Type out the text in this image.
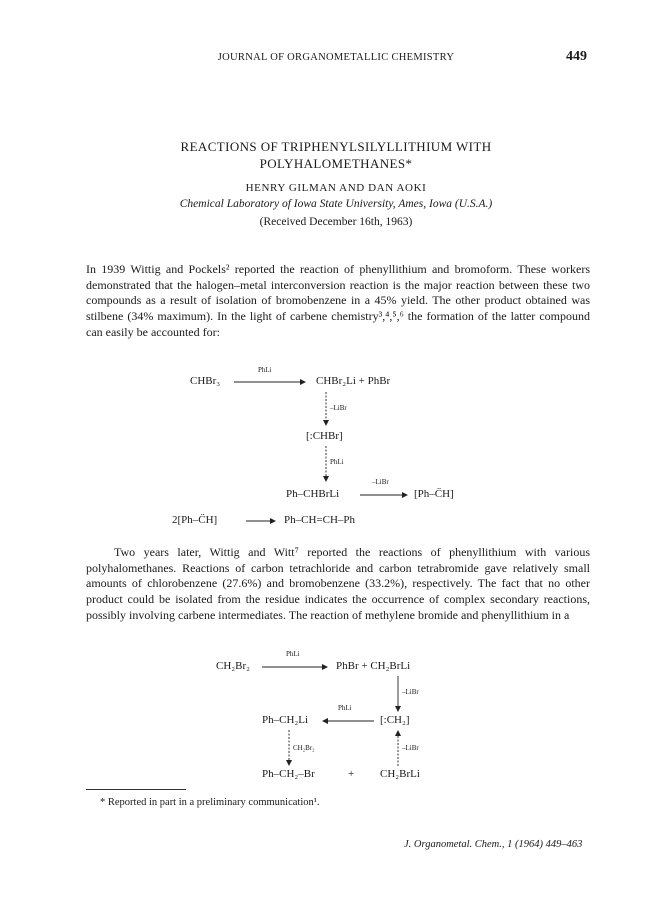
JOURNAL OF ORGANOMETALLIC CHEMISTRY	449
REACTIONS OF TRIPHENYLSILYLLITHIUM WITH
POLYHALOMETHANES*
HENRY GILMAN AND DAN AOKI
Chemical Laboratory of Iowa State University, Ames, Iowa (U.S.A.)
(Received December 16th, 1963)
In 1939 Wittig and Pockels² reported the reaction of phenyllithium and bromoform. These workers demonstrated that the halogen–metal interconversion reaction is the major reaction between these two compounds as a result of isolation of bromobenzene in a 45% yield. The other product obtained was stilbene (34% maximum). In the light of carbene chemistry³,⁴,⁵,⁶ the formation of the latter compound can easily be accounted for:
CHBr₃
PhLi
CHBr₂Li + PhBr
–LiBr
[:CHBr]
PhLi
Ph–CHBrLi
–LiBr
[Ph–C̈H]
2[Ph–C̈H]	Ph–CH=CH–Ph
Two years later, Wittig and Witt⁷ reported the reactions of phenyllithium with various polyhalomethanes. Reactions of carbon tetrachloride and carbon tetrabromide gave relatively small amounts of chlorobenzene (27.6%) and bromobenzene (33.2%), respectively. The fact that no other product could be isolated from the residue indicates the occurrence of complex secondary reactions, possibly involving carbene intermediates. The reaction of methylene bromide and phenyllithium in a
CH₂Br₂
PhLi
PhBr + CH₂BrLi
–LiBr
Ph–CH₂Li
PhLi
[:CH₂]
CH₂Br₂	–LiBr
Ph–CH₂–Br	+ CH₂BrLi
* Reported in part in a preliminary communication¹.
J. Organometal. Chem., 1 (1964) 449–463
